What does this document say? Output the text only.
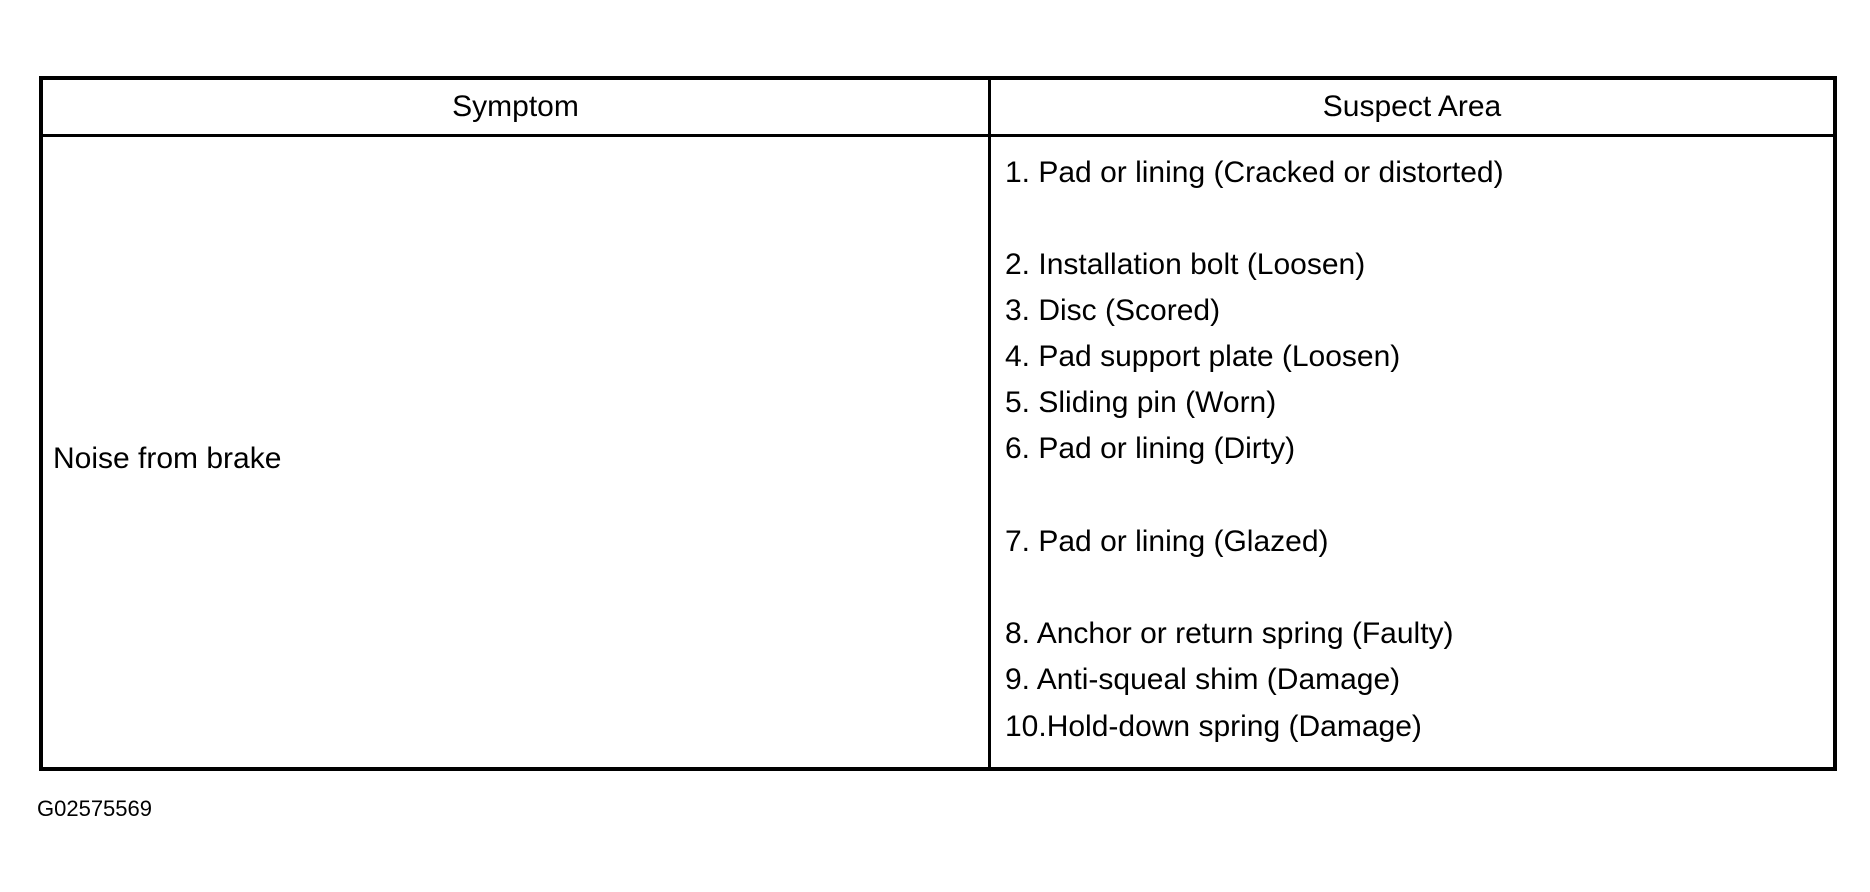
Symptom	Suspect Area
Noise from brake
1. Pad or lining (Cracked or distorted)
2. Installation bolt (Loosen)
3. Disc (Scored)
4. Pad support plate (Loosen)
5. Sliding pin (Worn)
6. Pad or lining (Dirty)
7. Pad or lining (Glazed)
8. Anchor or return spring (Faulty)
9. Anti-squeal shim (Damage)
10.Hold-down spring (Damage)
G02575569
